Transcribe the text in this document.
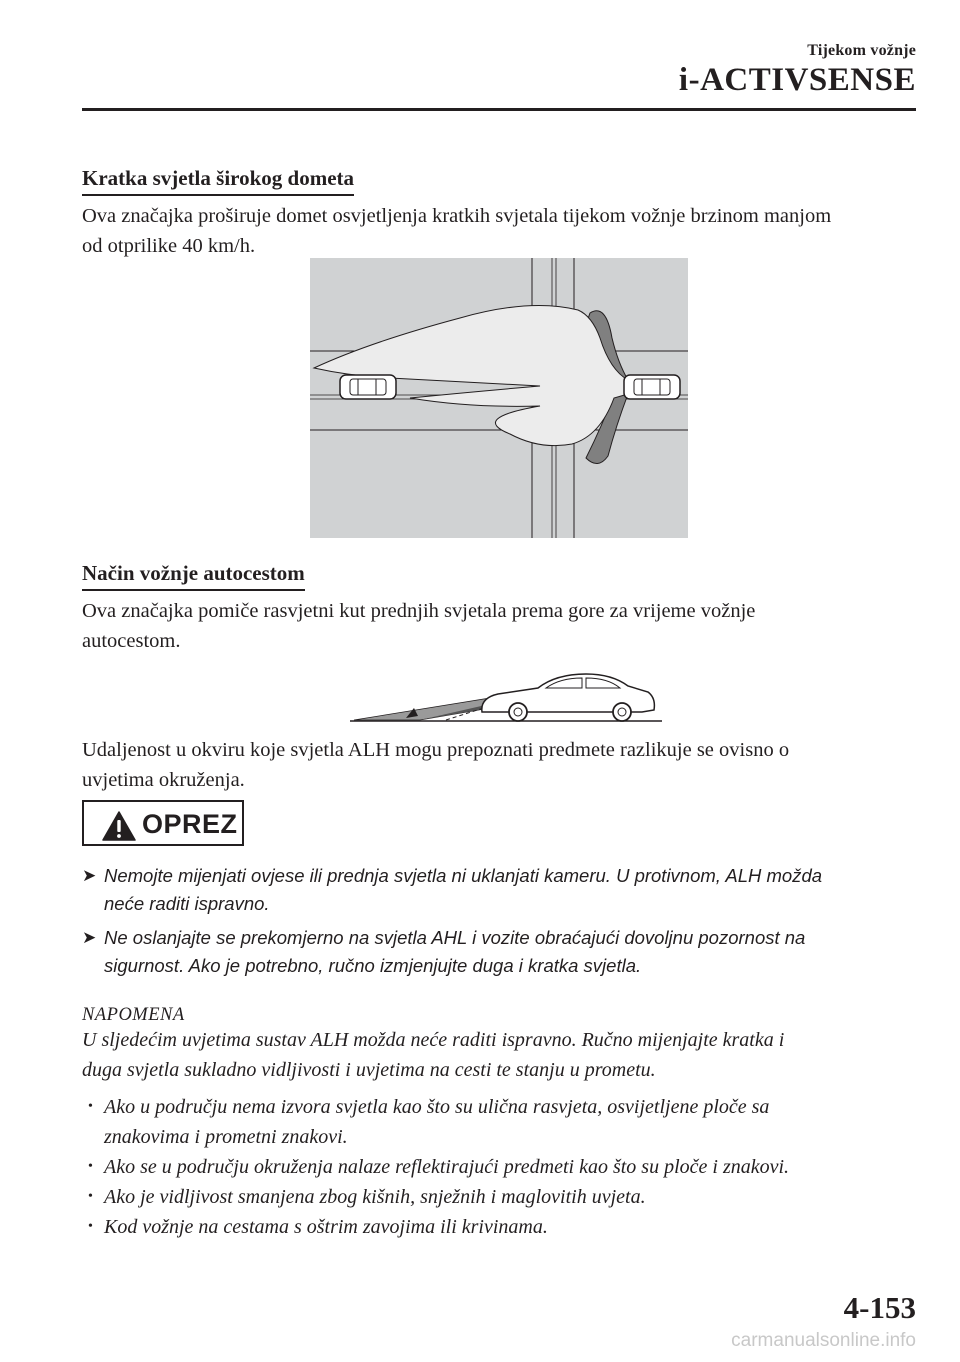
Tijekom vožnje
i-ACTIVSENSE
Kratka svjetla širokog dometa
Ova značajka proširuje domet osvjetljenja kratkih svjetala tijekom vožnje brzinom manjom
od otprilike 40 km/h.
Način vožnje autocestom
Ova značajka pomiče rasvjetni kut prednjih svjetala prema gore za vrijeme vožnje
autocestom.
Udaljenost u okviru koje svjetla ALH mogu prepoznati predmete razlikuje se ovisno o
uvjetima okruženja.
OPREZ
➤ Nemojte mijenjati ovjese ili prednja svjetla ni uklanjati kameru. U protivnom, ALH možda
neće raditi ispravno.
➤ Ne oslanjajte se prekomjerno na svjetla AHL i vozite obraćajući dovoljnu pozornost na
sigurnost. Ako je potrebno, ručno izmjenjujte duga i kratka svjetla.
NAPOMENA
U sljedećim uvjetima sustav ALH možda neće raditi ispravno. Ručno mijenjajte kratka i
duga svjetla sukladno vidljivosti i uvjetima na cesti te stanju u prometu.
• Ako u području nema izvora svjetla kao što su ulična rasvjeta, osvijetljene ploče sa
znakovima i prometni znakovi.
• Ako se u području okruženja nalaze reflektirajući predmeti kao što su ploče i znakovi.
• Ako je vidljivost smanjena zbog kišnih, snježnih i maglovitih uvjeta.
• Kod vožnje na cestama s oštrim zavojima ili krivinama.
4-153
carmanualsonline.info
